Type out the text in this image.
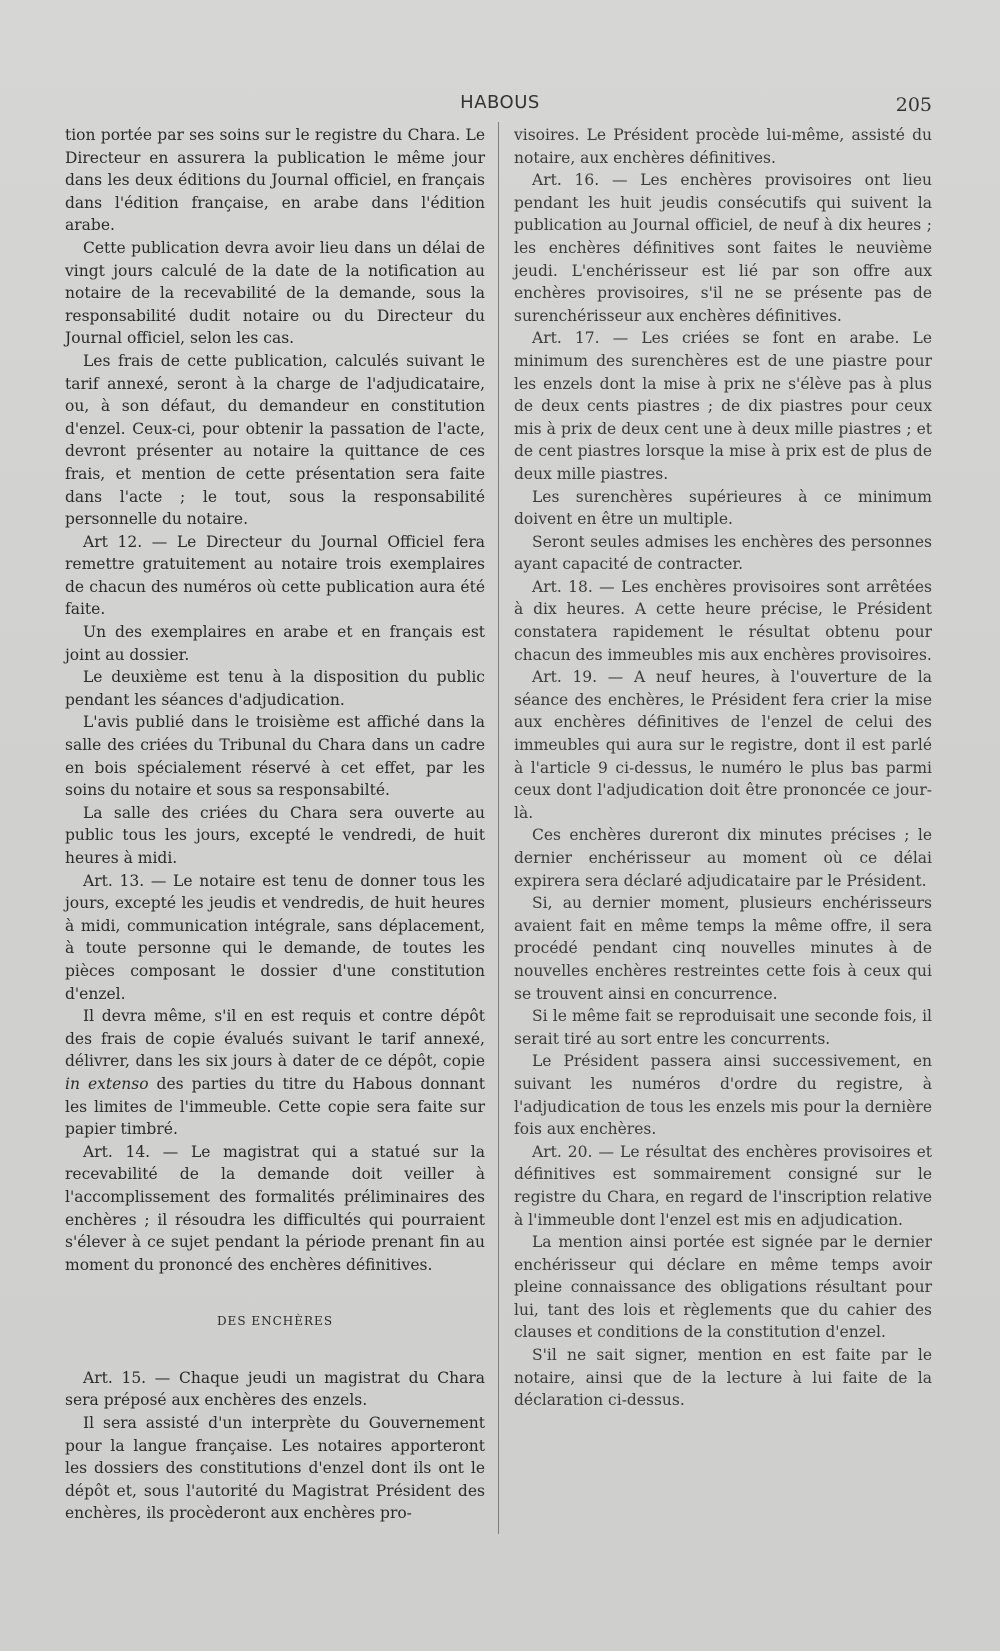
HABOUS	205

tion portée par ses soins sur le registre du Chara. Le Directeur en assurera la publication le même jour dans les deux éditions du Journal officiel, en français dans l'édition française, en arabe dans l'édition arabe.

Cette publication devra avoir lieu dans un délai de vingt jours calculé de la date de la notification au notaire de la recevabilité de la demande, sous la responsabilité dudit notaire ou du Directeur du Journal officiel, selon les cas.

Les frais de cette publication, calculés suivant le tarif annexé, seront à la charge de l'adjudicataire, ou, à son défaut, du demandeur en constitution d'enzel. Ceux-ci, pour obtenir la passation de l'acte, devront présenter au notaire la quittance de ces frais, et mention de cette présentation sera faite dans l'acte ; le tout, sous la responsabilité personnelle du notaire.

Art 12. — Le Directeur du Journal Officiel fera remettre gratuitement au notaire trois exemplaires de chacun des numéros où cette publication aura été faite.

Un des exemplaires en arabe et en français est joint au dossier.

Le deuxième est tenu à la disposition du public pendant les séances d'adjudication.

L'avis publié dans le troisième est affiché dans la salle des criées du Tribunal du Chara dans un cadre en bois spécialement réservé à cet effet, par les soins du notaire et sous sa responsabilté.

La salle des criées du Chara sera ouverte au public tous les jours, excepté le vendredi, de huit heures à midi.

Art. 13. — Le notaire est tenu de donner tous les jours, excepté les jeudis et vendredis, de huit heures à midi, communication intégrale, sans déplacement, à toute personne qui le demande, de toutes les pièces composant le dossier d'une constitution d'enzel.

Il devra même, s'il en est requis et contre dépôt des frais de copie évalués suivant le tarif annexé, délivrer, dans les six jours à dater de ce dépôt, copie in extenso des parties du titre du Habous donnant les limites de l'immeuble. Cette copie sera faite sur papier timbré.

Art. 14. — Le magistrat qui a statué sur la recevabilité de la demande doit veiller à l'accomplissement des formalités préliminaires des enchères ; il résoudra les difficultés qui pourraient s'élever à ce sujet pendant la période prenant fin au moment du prononcé des enchères définitives.

DES ENCHÈRES

Art. 15. — Chaque jeudi un magistrat du Chara sera préposé aux enchères des enzels.

Il sera assisté d'un interprète du Gouvernement pour la langue française. Les notaires apporteront les dossiers des constitutions d'enzel dont ils ont le dépôt et, sous l'autorité du Magistrat Président des enchères, ils procèderont aux enchères pro-

visoires. Le Président procède lui-même, assisté du notaire, aux enchères définitives.

Art. 16. — Les enchères provisoires ont lieu pendant les huit jeudis consécutifs qui suivent la publication au Journal officiel, de neuf à dix heures ; les enchères définitives sont faites le neuvième jeudi. L'enchérisseur est lié par son offre aux enchères provisoires, s'il ne se présente pas de surenchérisseur aux enchères définitives.

Art. 17. — Les criées se font en arabe. Le minimum des surenchères est de une piastre pour les enzels dont la mise à prix ne s'élève pas à plus de deux cents piastres ; de dix piastres pour ceux mis à prix de deux cent une à deux mille piastres ; et de cent piastres lorsque la mise à prix est de plus de deux mille piastres.

Les surenchères supérieures à ce minimum doivent en être un multiple.

Seront seules admises les enchères des personnes ayant capacité de contracter.

Art. 18. — Les enchères provisoires sont arrêtées à dix heures. A cette heure précise, le Président constatera rapidement le résultat obtenu pour chacun des immeubles mis aux enchères provisoires.

Art. 19. — A neuf heures, à l'ouverture de la séance des enchères, le Président fera crier la mise aux enchères définitives de l'enzel de celui des immeubles qui aura sur le registre, dont il est parlé à l'article 9 ci-dessus, le numéro le plus bas parmi ceux dont l'adjudication doit être prononcée ce jour-là.

Ces enchères dureront dix minutes précises ; le dernier enchérisseur au moment où ce délai expirera sera déclaré adjudicataire par le Président.

Si, au dernier moment, plusieurs enchérisseurs avaient fait en même temps la même offre, il sera procédé pendant cinq nouvelles minutes à de nouvelles enchères restreintes cette fois à ceux qui se trouvent ainsi en concurrence.

Si le même fait se reproduisait une seconde fois, il serait tiré au sort entre les concurrents.

Le Président passera ainsi successivement, en suivant les numéros d'ordre du registre, à l'adjudication de tous les enzels mis pour la dernière fois aux enchères.

Art. 20. — Le résultat des enchères provisoires et définitives est sommairement consigné sur le registre du Chara, en regard de l'inscription relative à l'immeuble dont l'enzel est mis en adjudication.

La mention ainsi portée est signée par le dernier enchérisseur qui déclare en même temps avoir pleine connaissance des obligations résultant pour lui, tant des lois et règlements que du cahier des clauses et conditions de la constitution d'enzel.

S'il ne sait signer, mention en est faite par le notaire, ainsi que de la lecture à lui faite de la déclaration ci-dessus.
